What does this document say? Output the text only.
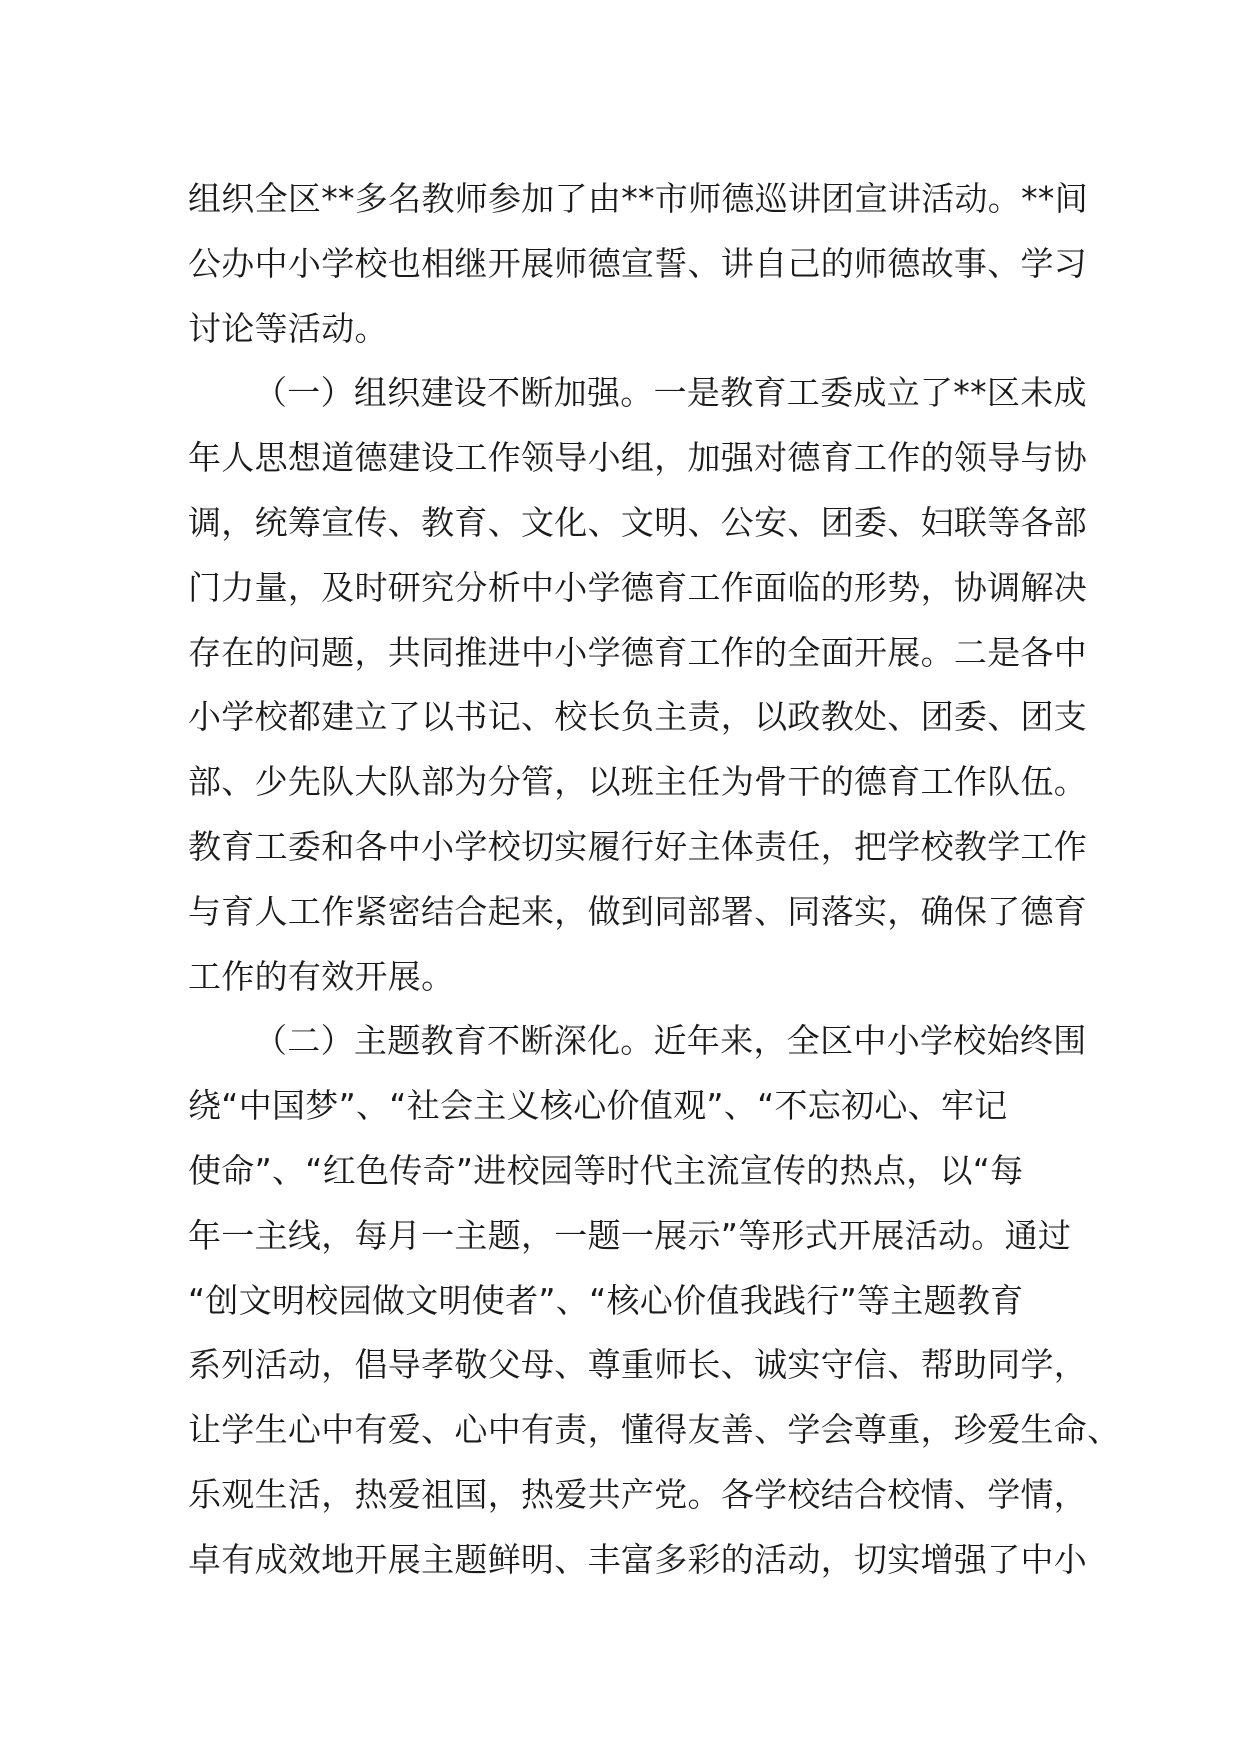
组织全区**多名教师参加了由**市师德巡讲团宣讲活动。**间
公办中小学校也相继开展师德宣誓、讲自己的师德故事、学习
讨论等活动。
（一）组织建设不断加强。一是教育工委成立了**区未成
年人思想道德建设工作领导小组，加强对德育工作的领导与协
调，统筹宣传、教育、文化、文明、公安、团委、妇联等各部
门力量，及时研究分析中小学德育工作面临的形势，协调解决
存在的问题，共同推进中小学德育工作的全面开展。二是各中
小学校都建立了以书记、校长负主责，以政教处、团委、团支
部、少先队大队部为分管，以班主任为骨干的德育工作队伍。
教育工委和各中小学校切实履行好主体责任，把学校教学工作
与育人工作紧密结合起来，做到同部署、同落实，确保了德育
工作的有效开展。
（二）主题教育不断深化。近年来，全区中小学校始终围
绕“中国梦”、“社会主义核心价值观”、“不忘初心、牢记
使命”、“红色传奇”进校园等时代主流宣传的热点，以“每
年一主线，每月一主题，一题一展示”等形式开展活动。通过
“创文明校园做文明使者”、“核心价值我践行”等主题教育
系列活动，倡导孝敬父母、尊重师长、诚实守信、帮助同学，
让学生心中有爱、心中有责，懂得友善、学会尊重，珍爱生命、
乐观生活，热爱祖国，热爱共产党。各学校结合校情、学情，
卓有成效地开展主题鲜明、丰富多彩的活动，切实增强了中小
